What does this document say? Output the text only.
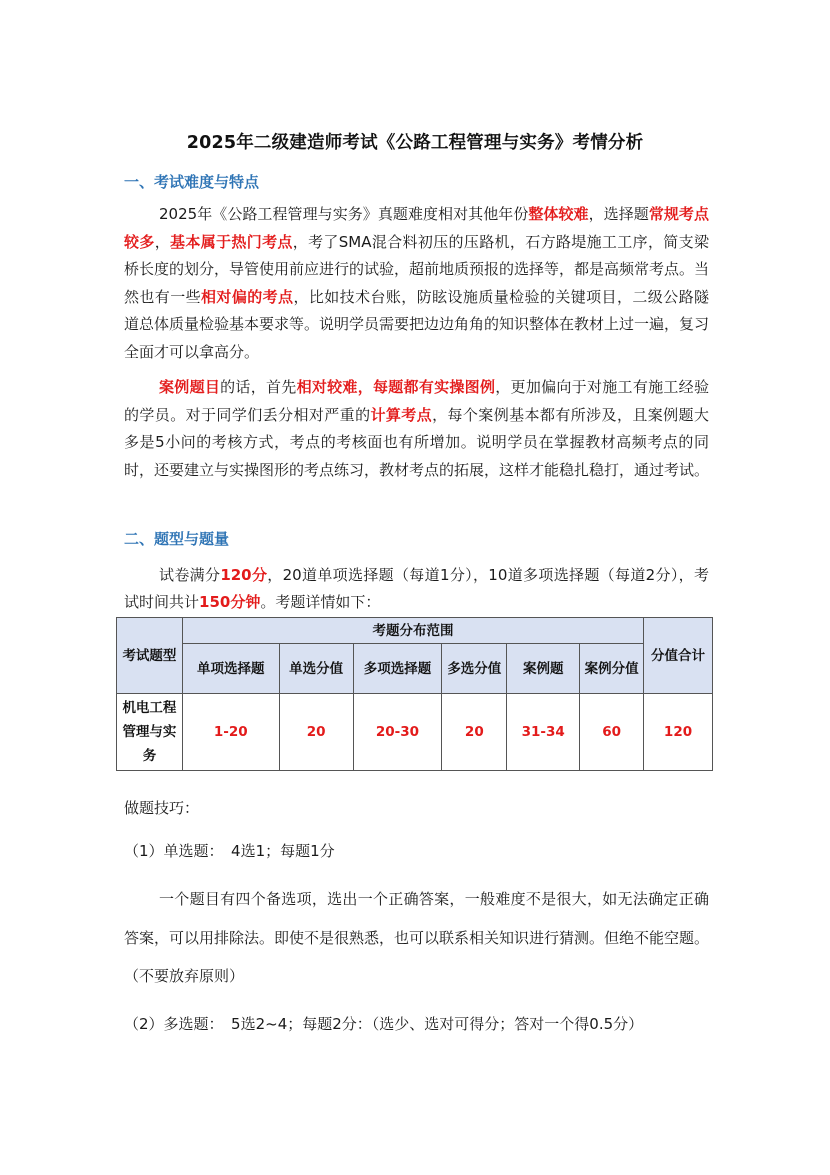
2025年二级建造师考试《公路工程管理与实务》考情分析
一、考试难度与特点
2025年《公路工程管理与实务》真题难度相对其他年份整体较难，选择题常规考点较多，基本属于热门考点，考了SMA混合料初压的压路机，石方路堤施工工序，简支梁桥长度的划分，导管使用前应进行的试验，超前地质预报的选择等，都是高频常考点。当然也有一些相对偏的考点，比如技术台账，防眩设施质量检验的关键项目，二级公路隧道总体质量检验基本要求等。说明学员需要把边边角角的知识整体在教材上过一遍，复习全面才可以拿高分。
案例题目的话，首先相对较难，每题都有实操图例，更加偏向于对施工有施工经验的学员。对于同学们丢分相对严重的计算考点，每个案例基本都有所涉及，且案例题大多是5小问的考核方式，考点的考核面也有所增加。说明学员在掌握教材高频考点的同时，还要建立与实操图形的考点练习，教材考点的拓展，这样才能稳扎稳打，通过考试。
二、题型与题量
试卷满分120分，20道单项选择题（每道1分），10道多项选择题（每道2分），考试时间共计150分钟。考题详情如下：
考试题型	考题分布范围						分值合计
	单项选择题	单选分值	多项选择题	多选分值	案例题	案例分值	
机电工程管理与实务	1-20	20	20-30	20	31-34	60	120
做题技巧：
（1）单选题：　4选1；每题1分
一个题目有四个备选项，选出一个正确答案，一般难度不是很大，如无法确定正确答案，可以用排除法。即使不是很熟悉，也可以联系相关知识进行猜测。但绝不能空题。（不要放弃原则）
（2）多选题：　5选2~4；每题2分：（选少、选对可得分；答对一个得0.5分）
